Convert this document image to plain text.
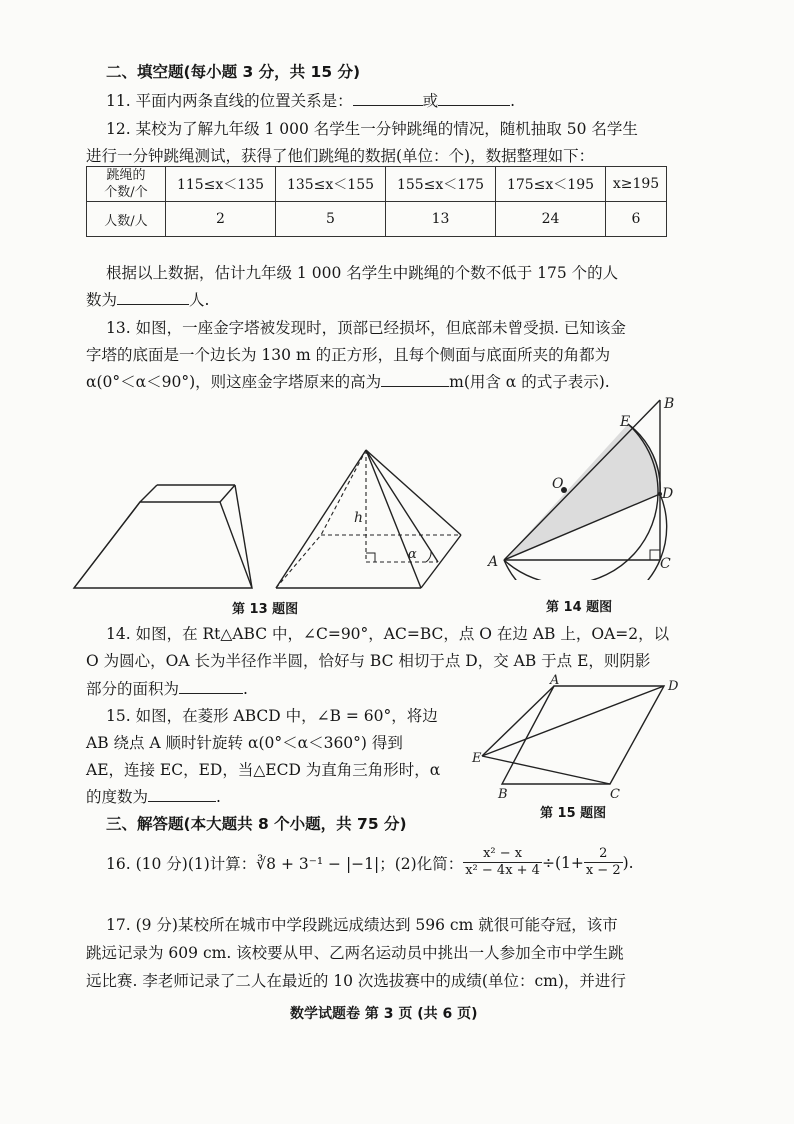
二、填空题(每小题 3 分，共 15 分)
11. 平面内两条直线的位置关系是：	或	.
12. 某校为了解九年级 1 000 名学生一分钟跳绳的情况，随机抽取 50 名学生
进行一分钟跳绳测试，获得了他们跳绳的数据(单位：个)，数据整理如下：
跳绳的
个数/个	115≤x＜135	135≤x＜155	155≤x＜175	175≤x＜195	x≥195
人数/人	2	5	13	24	6
根据以上数据，估计九年级 1 000 名学生中跳绳的个数不低于 175 个的人
数为	人.
13. 如图，一座金字塔被发现时，顶部已经损坏，但底部未曾受损. 已知该金
字塔的底面是一个边长为 130 m 的正方形，且每个侧面与底面所夹的角都为
α(0°＜α＜90°)，则这座金字塔原来的高为	m(用含 α 的式子表示).
h
α
第 13 题图
O
A
B
C
D
E
第 14 题图
14. 如图，在 Rt△ABC 中，∠C=90°，AC=BC，点 O 在边 AB 上，OA=2，以
O 为圆心，OA 长为半径作半圆，恰好与 BC 相切于点 D，交 AB 于点 E，则阴影
部分的面积为	.
15. 如图，在菱形 ABCD 中，∠B = 60°，将边
AB 绕点 A 顺时针旋转 α(0°＜α＜360°) 得到
AE，连接 EC，ED，当△ECD 为直角三角形时，α
的度数为	.
A
B	C
D
E
第 15 题图
三、解答题(本大题共 8 个小题，共 75 分)
16. (10 分)(1)计算：∛8 + 3⁻¹ − |−1|；(2)化简： $\frac{\text{x² − x}}{\text{x² − 4x + 4}} \div(1+ \frac{2}{x - 2}$ ).
17. (9 分)某校所在城市中学段跳远成绩达到 596 cm 就很可能夺冠，该市
跳远记录为 609 cm. 该校要从甲、乙两名运动员中挑出一人参加全市中学生跳
远比赛. 李老师记录了二人在最近的 10 次选拔赛中的成绩(单位：cm)，并进行
数学试题卷 第 3 页 (共 6 页)
